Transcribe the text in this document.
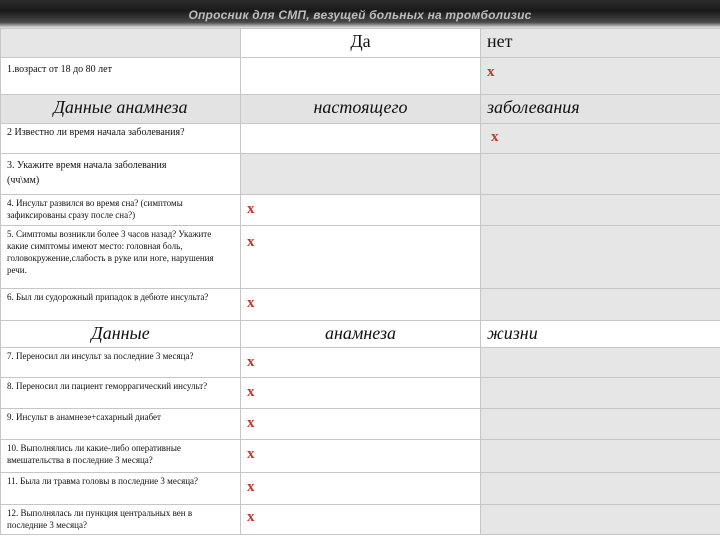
Опросник для СМП, везущей больных на тромболизис
	Да	нет
1.возраст от 18 до 80 лет		x

Данные анамнеза	настоящего	заболевания
2 Известно ли время начала заболевания?		x

3. Укажите время начала заболевания
(чч\мм)		

4. Инсульт развился во время сна? (симптомы зафиксированы сразу после сна?)	x	

5. Симптомы возникли более 3 часов назад? Укажите какие симптомы имеют место: головная боль, головокружение,слабость в руке или ноге, нарушения речи.	x	

6. Был ли судорожный припадок в дебюте инсульта?	x	

Данные	анамнеза	жизни
7. Переносил ли инсульт за последние 3 месяца?	x	

8. Переносил ли пациент геморрагический инсульт?	x	

9. Инсульт в анамнезе+сахарный диабет	x	

10. Выполнялись ли какие-либо оперативные вмешательства в последние 3 месяца?	x	

11. Была ли травма головы в последние 3 месяца?	x	

12. Выполнялась ли пункция центральных вен в последние 3 месяца?	x	
